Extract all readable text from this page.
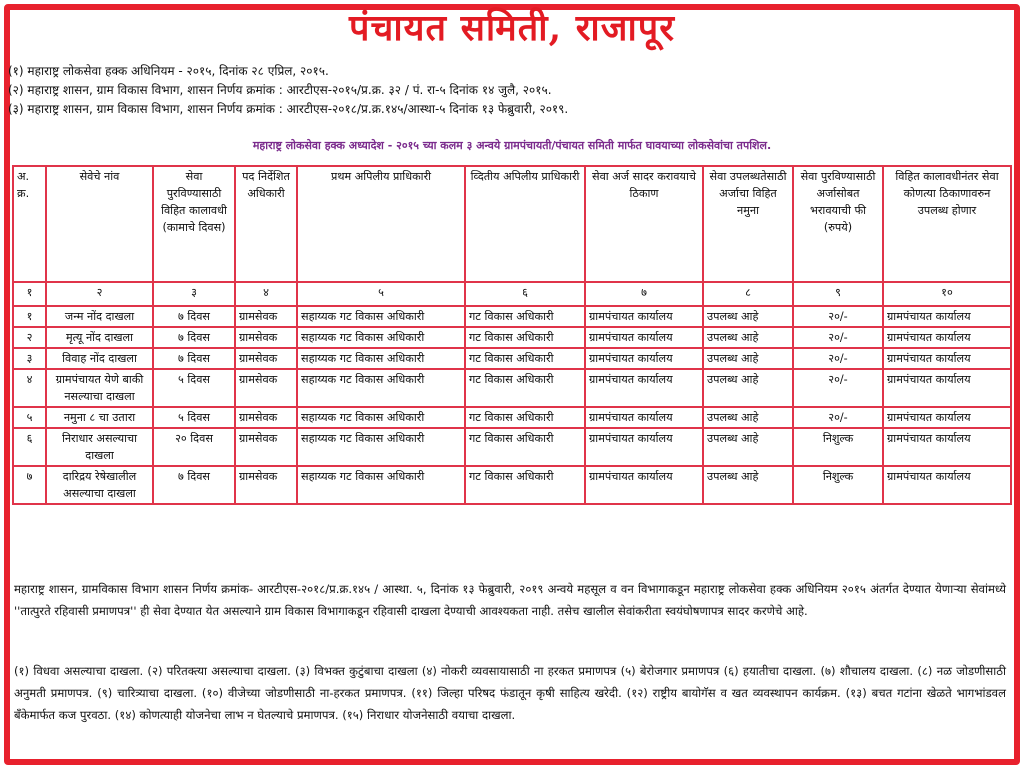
पंचायत समिती, राजापूर
(१) महाराष्ट्र लोकसेवा हक्क अधिनियम - २०१५, दिनांक २८ एप्रिल, २०१५.
(२) महाराष्ट्र शासन, ग्राम विकास विभाग, शासन निर्णय क्रमांक : आरटीएस-२०१५/प्र.क्र. ३२ / पं. रा-५ दिनांक १४ जुलै, २०१५.
(३) महाराष्ट्र शासन, ग्राम विकास विभाग, शासन निर्णय क्रमांक : आरटीएस-२०१८/प्र.क्र.१४५/आस्था-५ दिनांक १३ फेब्रुवारी, २०१९.
महाराष्ट्र लोकसेवा हक्क अध्यादेश - २०१५ च्या कलम ३ अन्वये ग्रामपंचायती/पंचायत समिती मार्फत घावयाच्या लोकसेवांचा तपशिल.
अ. क्र.	सेवेचे नांव	सेवा पुरविण्यासाठी विहित कालावधी (कामाचे दिवस)	पद निर्देशित अधिकारी	प्रथम अपिलीय प्राधिकारी	व्दितीय अपिलीय प्राधिकारी	सेवा अर्ज सादर करावयाचे ठिकाण	सेवा उपलब्धतेसाठी अर्जाचा विहित नमुना	सेवा पुरविण्यासाठी अर्जासोबत भरावयाची फी (रुपये)	विहित कालावधीनंतर सेवा कोणत्या ठिकाणावरुन उपलब्ध होणार
१	२	३	४	५	६	७	८	९	१०
१	जन्म नोंद दाखला	७ दिवस	ग्रामसेवक	सहाय्यक गट विकास अधिकारी	गट विकास अधिकारी	ग्रामपंचायत कार्यालय	उपलब्ध आहे	२०/-	ग्रामपंचायत कार्यालय
२	मृत्यू नोंद दाखला	७ दिवस	ग्रामसेवक	सहाय्यक गट विकास अधिकारी	गट विकास अधिकारी	ग्रामपंचायत कार्यालय	उपलब्ध आहे	२०/-	ग्रामपंचायत कार्यालय
३	विवाह नोंद दाखला	७ दिवस	ग्रामसेवक	सहाय्यक गट विकास अधिकारी	गट विकास अधिकारी	ग्रामपंचायत कार्यालय	उपलब्ध आहे	२०/-	ग्रामपंचायत कार्यालय
४	ग्रामपंचायत येणे बाकी नसल्याचा दाखला	५ दिवस	ग्रामसेवक	सहाय्यक गट विकास अधिकारी	गट विकास अधिकारी	ग्रामपंचायत कार्यालय	उपलब्ध आहे	२०/-	ग्रामपंचायत कार्यालय
५	नमुना ८ चा उतारा	५ दिवस	ग्रामसेवक	सहाय्यक गट विकास अधिकारी	गट विकास अधिकारी	ग्रामपंचायत कार्यालय	उपलब्ध आहे	२०/-	ग्रामपंचायत कार्यालय
६	निराधार असल्याचा दाखला	२० दिवस	ग्रामसेवक	सहाय्यक गट विकास अधिकारी	गट विकास अधिकारी	ग्रामपंचायत कार्यालय	उपलब्ध आहे	निशुल्क	ग्रामपंचायत कार्यालय
७	दारिद्रय रेषेखालील असल्याचा दाखला	७ दिवस	ग्रामसेवक	सहाय्यक गट विकास अधिकारी	गट विकास अधिकारी	ग्रामपंचायत कार्यालय	उपलब्ध आहे	निशुल्क	ग्रामपंचायत कार्यालय
महाराष्ट्र शासन, ग्रामविकास विभाग शासन निर्णय क्रमांक- आरटीएस-२०१८/प्र.क्र.१४५ / आस्था. ५, दिनांक १३ फेब्रुवारी, २०१९ अन्वये महसूल व वन विभागाकडून महाराष्ट्र लोकसेवा हक्क अधिनियम २०१५ अंतर्गत देण्यात येणाऱ्या सेवांमध्ये ''तात्पुरते रहिवासी प्रमाणपत्र'' ही सेवा देण्यात येत असल्याने ग्राम विकास विभागाकडून रहिवासी दाखला देण्याची आवश्यकता नाही. तसेच खालील सेवांकरीता स्वयंघोषणापत्र सादर करणेचे आहे.
(१) विधवा असल्याचा दाखला. (२) परितक्त्या असल्याचा दाखला. (३) विभक्त कुटुंबाचा दाखला (४) नोकरी व्यवसायासाठी ना हरकत प्रमाणपत्र (५) बेरोजगार प्रमाणपत्र (६) हयातीचा दाखला. (७) शौचालय दाखला. (८) नळ जोडणीसाठी अनुमती प्रमाणपत्र. (९) चारित्र्याचा दाखला. (१०) वीजेच्या जोडणीसाठी ना-हरकत प्रमाणपत्र. (११) जिल्हा परिषद फंडातून कृषी साहित्य खरेदी. (१२) राष्ट्रीय बायोगॅस व खत व्यवस्थापन कार्यक्रम. (१३) बचत गटांना खेळते भागभांडवल बँकेमार्फत कज पुरवठा. (१४) कोणत्याही योजनेचा लाभ न घेतल्याचे प्रमाणपत्र. (१५) निराधार योजनेसाठी वयाचा दाखला.
